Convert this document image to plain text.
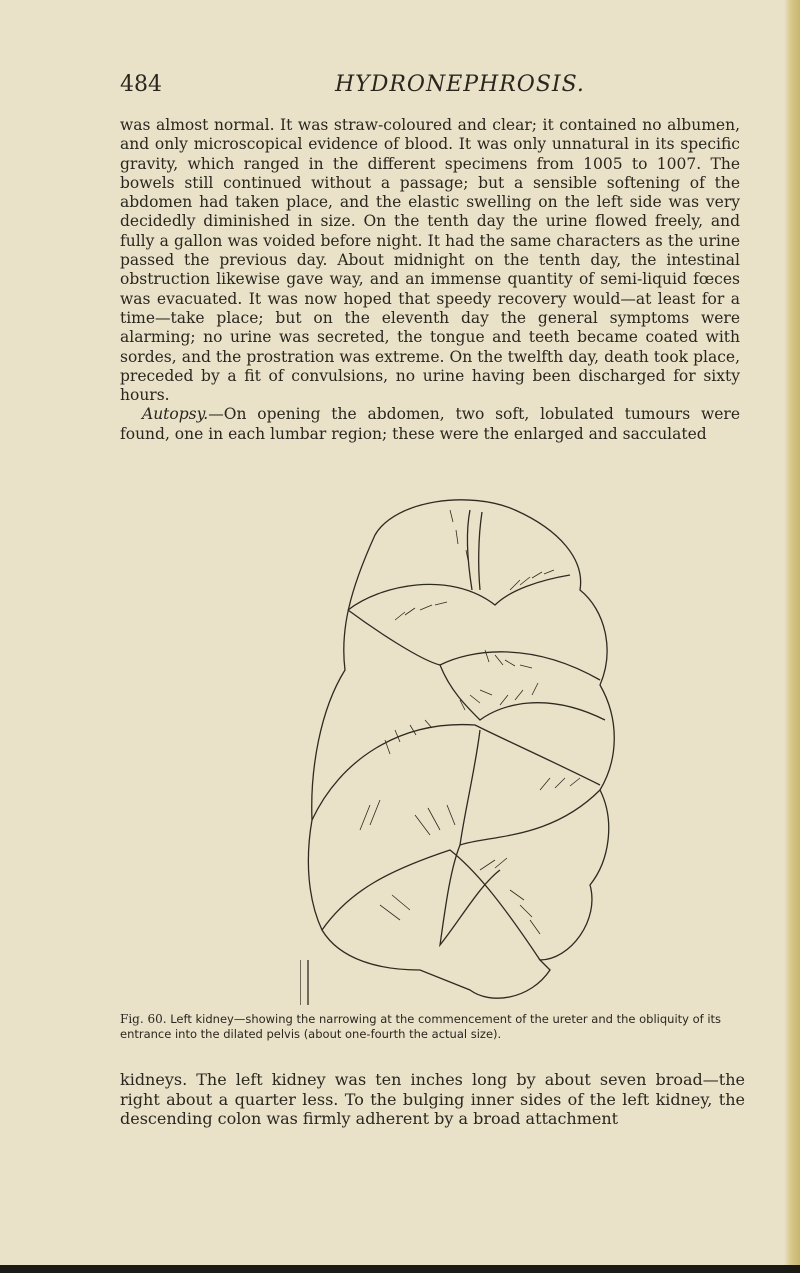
484	HYDRONEPHROSIS.

was almost normal. It was straw-coloured and clear; it contained no albumen, and only microscopical evidence of blood. It was only unnatural in its specific gravity, which ranged in the different specimens from 1005 to 1007. The bowels still continued without a passage; but a sensible softening of the abdomen had taken place, and the elastic swelling on the left side was very decidedly diminished in size. On the tenth day the urine flowed freely, and fully a gallon was voided before night. It had the same characters as the urine passed the previous day. About midnight on the tenth day, the intestinal obstruction likewise gave way, and an immense quantity of semi-liquid fœces was evacuated. It was now hoped that speedy recovery would—at least for a time—take place; but on the eleventh day the general symptoms were alarming; no urine was secreted, the tongue and teeth became coated with sordes, and the prostration was extreme. On the twelfth day, death took place, preceded by a fit of convulsions, no urine having been discharged for sixty hours.

Autopsy.—On opening the abdomen, two soft, lobulated tumours were found, one in each lumbar region; these were the enlarged and sacculated

Fig. 60. Left kidney—showing the narrowing at the commencement of the ureter and the obliquity of its entrance into the dilated pelvis (about one-fourth the actual size).

kidneys. The left kidney was ten inches long by about seven broad—the right about a quarter less. To the bulging inner sides of the left kidney, the descending colon was firmly adherent by a broad attachment
